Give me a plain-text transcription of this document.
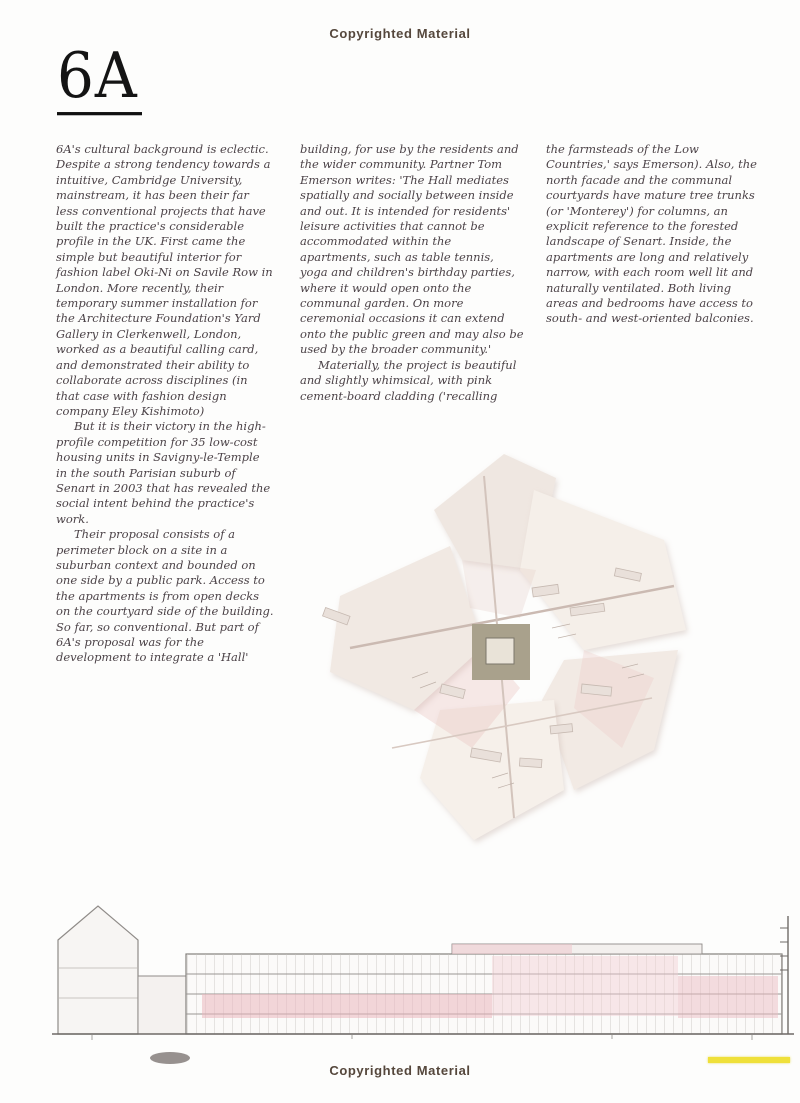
Copyrighted Material
6A

6A's cultural background is eclectic. Despite a strong tendency towards a intuitive, Cambridge University, mainstream, it has been their far less conventional projects that have built the practice's considerable profile in the UK. First came the simple but beautiful interior for fashion label Oki-Ni on Savile Row in London. More recently, their temporary summer installation for the Architecture Foundation's Yard Gallery in Clerkenwell, London, worked as a beautiful calling card, and demonstrated their ability to collaborate across disciplines (in that case with fashion design company Eley Kishimoto)

But it is their victory in the high-profile competition for 35 low-cost housing units in Savigny-le-Temple in the south Parisian suburb of Senart in 2003 that has revealed the social intent behind the practice's work.

Their proposal consists of a perimeter block on a site in a suburban context and bounded on one side by a public park. Access to the apartments is from open decks on the courtyard side of the building. So far, so conventional. But part of 6A's proposal was for the development to integrate a 'Hall'

building, for use by the residents and the wider community. Partner Tom Emerson writes: 'The Hall mediates spatially and socially between inside and out. It is intended for residents' leisure activities that cannot be accommodated within the apartments, such as table tennis, yoga and children's birthday parties, where it would open onto the communal garden. On more ceremonial occasions it can extend onto the public green and may also be used by the broader community.'

Materially, the project is beautiful and slightly whimsical, with pink cement-board cladding ('recalling

the farmsteads of the Low Countries,' says Emerson). Also, the north facade and the communal courtyards have mature tree trunks (or 'Monterey') for columns, an explicit reference to the forested landscape of Senart. Inside, the apartments are long and relatively narrow, with each room well lit and naturally ventilated. Both living areas and bedrooms have access to south- and west-oriented balconies.

Copyrighted Material
